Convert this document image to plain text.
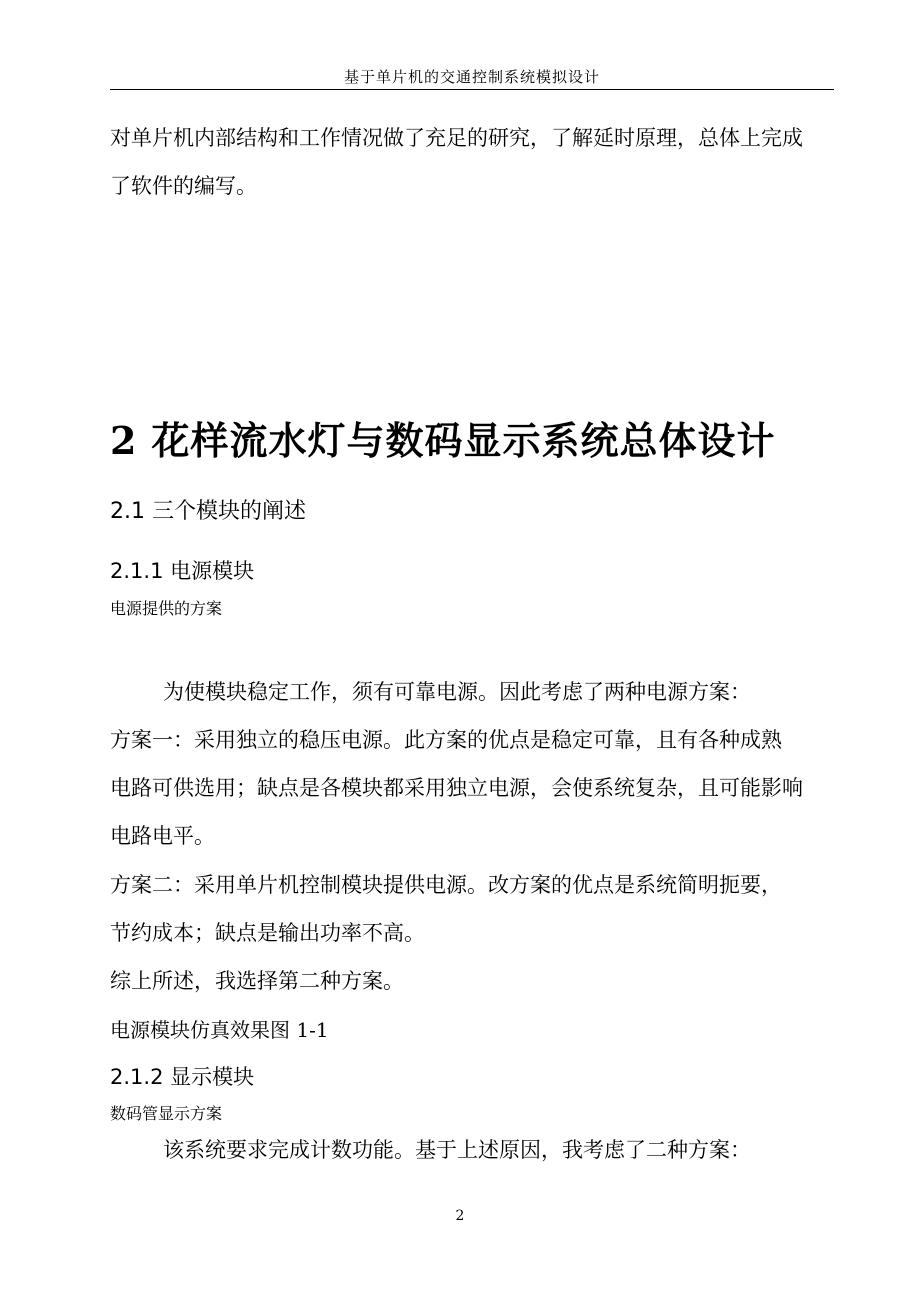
基于单片机的交通控制系统模拟设计
对单片机内部结构和工作情况做了充足的研究，了解延时原理，总体上完成
了软件的编写。
2 花样流水灯与数码显示系统总体设计
2.1 三个模块的阐述
2.1.1 电源模块
电源提供的方案
为使模块稳定工作，须有可靠电源。因此考虑了两种电源方案：
方案一：采用独立的稳压电源。此方案的优点是稳定可靠，且有各种成熟
电路可供选用；缺点是各模块都采用独立电源，会使系统复杂，且可能影响
电路电平。
方案二：采用单片机控制模块提供电源。改方案的优点是系统简明扼要，
节约成本；缺点是输出功率不高。
综上所述，我选择第二种方案。
电源模块仿真效果图 1-1
2.1.2 显示模块
数码管显示方案
该系统要求完成计数功能。基于上述原因，我考虑了二种方案：
2
